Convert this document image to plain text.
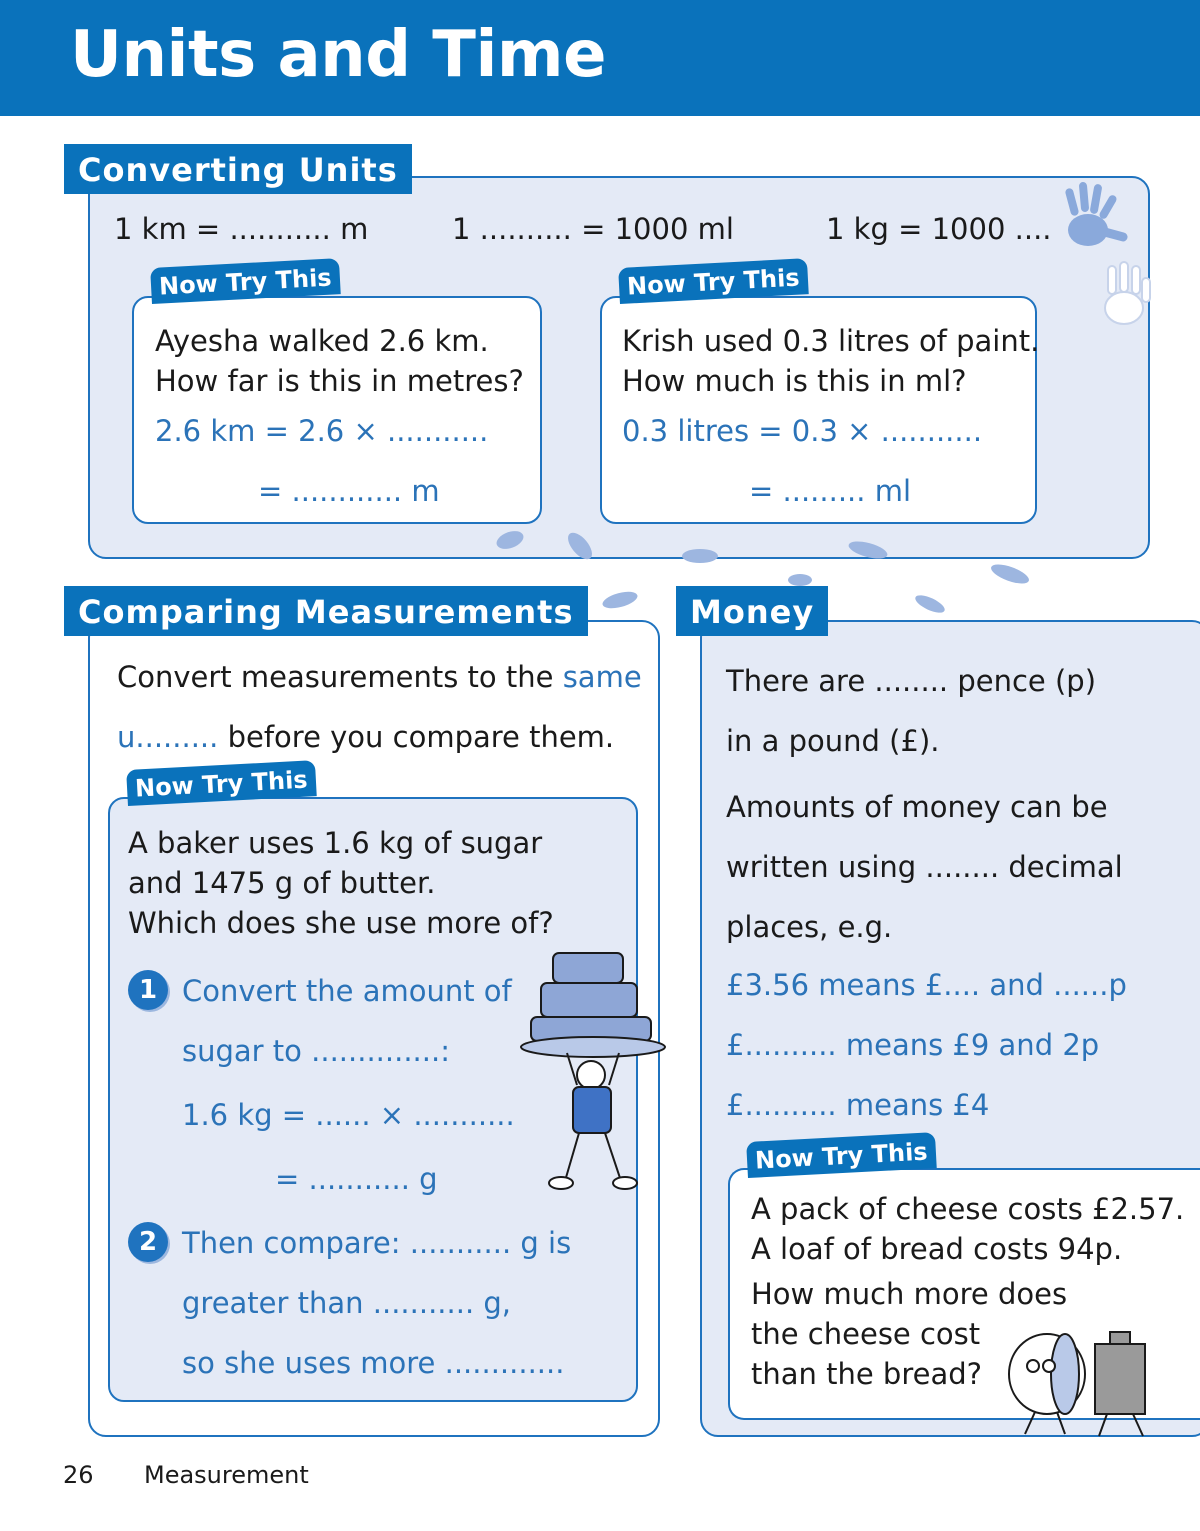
Units and Time
Converting Units
1 km = ........... m	1 .......... = 1000 ml	1 kg = 1000 ....
Now Try This
Ayesha walked 2.6 km.
How far is this in metres?
2.6 km = 2.6 × ...........
= ............ m
Now Try This
Krish used 0.3 litres of paint.
How much is this in ml?
0.3 litres = 0.3 × ...........
= ......... ml
Comparing Measurements
Convert measurements to the same
u......... before you compare them.
Now Try This
A baker uses 1.6 kg of sugar
and 1475 g of butter.
Which does she use more of?
1 Convert the amount of
sugar to ..............:
1.6 kg = ...... × ...........
= ........... g
2 Then compare: ........... g is
greater than ........... g,
so she uses more .............
Money
There are ........ pence (p)
in a pound (£).
Amounts of money can be
written using ........ decimal
places, e.g.
£3.56 means £.... and ......p
£.......... means £9 and 2p
£.......... means £4
Now Try This
A pack of cheese costs £2.57.
A loaf of bread costs 94p.
How much more does
the cheese cost
than the bread?
26 Measurement
